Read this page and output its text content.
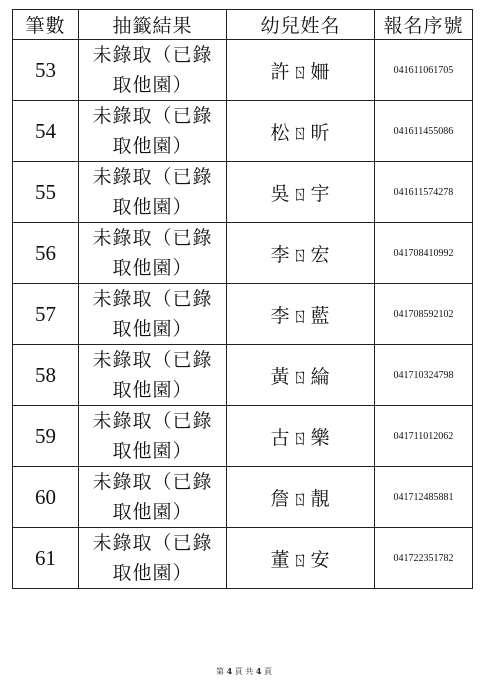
筆數	抽籤結果	幼兒姓名	報名序號
53	未錄取（已錄
取他園）	許ㄖ姍	041611061705
54	未錄取（已錄
取他園）	松ㄖ昕	041611455086
55	未錄取（已錄
取他園）	吳ㄖ宇	041611574278
56	未錄取（已錄
取他園）	李ㄖ宏	041708410992
57	未錄取（已錄
取他園）	李ㄖ藍	041708592102
58	未錄取（已錄
取他園）	黃ㄖ綸	041710324798
59	未錄取（已錄
取他園）	古ㄖ樂	041711012062
60	未錄取（已錄
取他園）	詹ㄖ靚	041712485881
61	未錄取（已錄
取他園）	董ㄖ安	041722351782
第 4 頁 共 4 頁
